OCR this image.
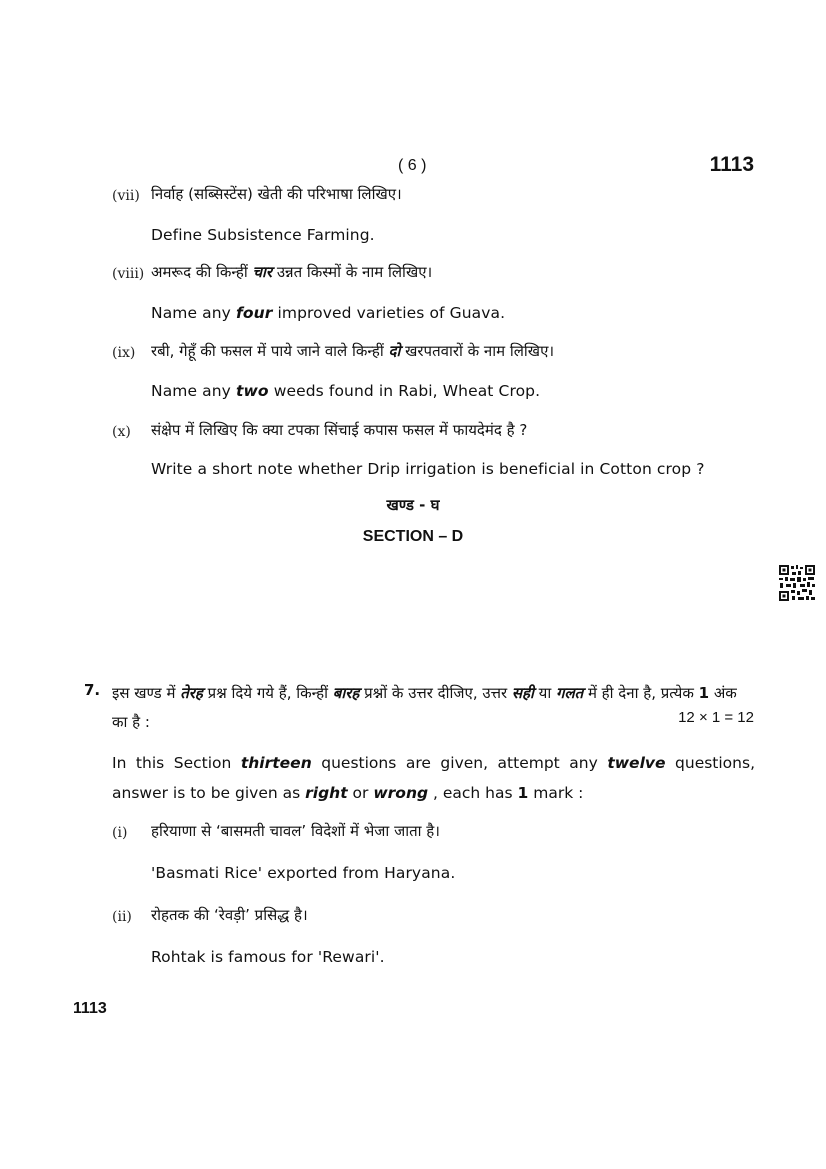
( 6 )	1113
(vii) निर्वाह (सब्सिस्टेंस) खेती की परिभाषा लिखिए।
Define Subsistence Farming.
(viii) अमरूद की किन्हीं चार उन्नत किस्मों के नाम लिखिए।
Name any four improved varieties of Guava.
(ix) रबी, गेहूँ की फसल में पाये जाने वाले किन्हीं दो खरपतवारों के नाम लिखिए।
Name any two weeds found in Rabi, Wheat Crop.
(x) संक्षेप में लिखिए कि क्या टपका सिंचाई कपास फसल में फायदेमंद है ?
Write a short note whether Drip irrigation is beneficial in Cotton crop ?
खण्ड - घ
SECTION – D
7. इस खण्ड में तेरह प्रश्न दिये गये हैं, किन्हीं बारह प्रश्नों के उत्तर दीजिए, उत्तर सही या गलत में ही देना है, प्रत्येक 1 अंक का है :	12 × 1 = 12
In this Section thirteen questions are given, attempt any twelve questions, answer is to be given as right or wrong , each has 1 mark :
(i) हरियाणा से ‘बासमती चावल’ विदेशों में भेजा जाता है।
'Basmati Rice' exported from Haryana.
(ii) रोहतक की ‘रेवड़ी’ प्रसिद्ध है।
Rohtak is famous for 'Rewari'.
1113
